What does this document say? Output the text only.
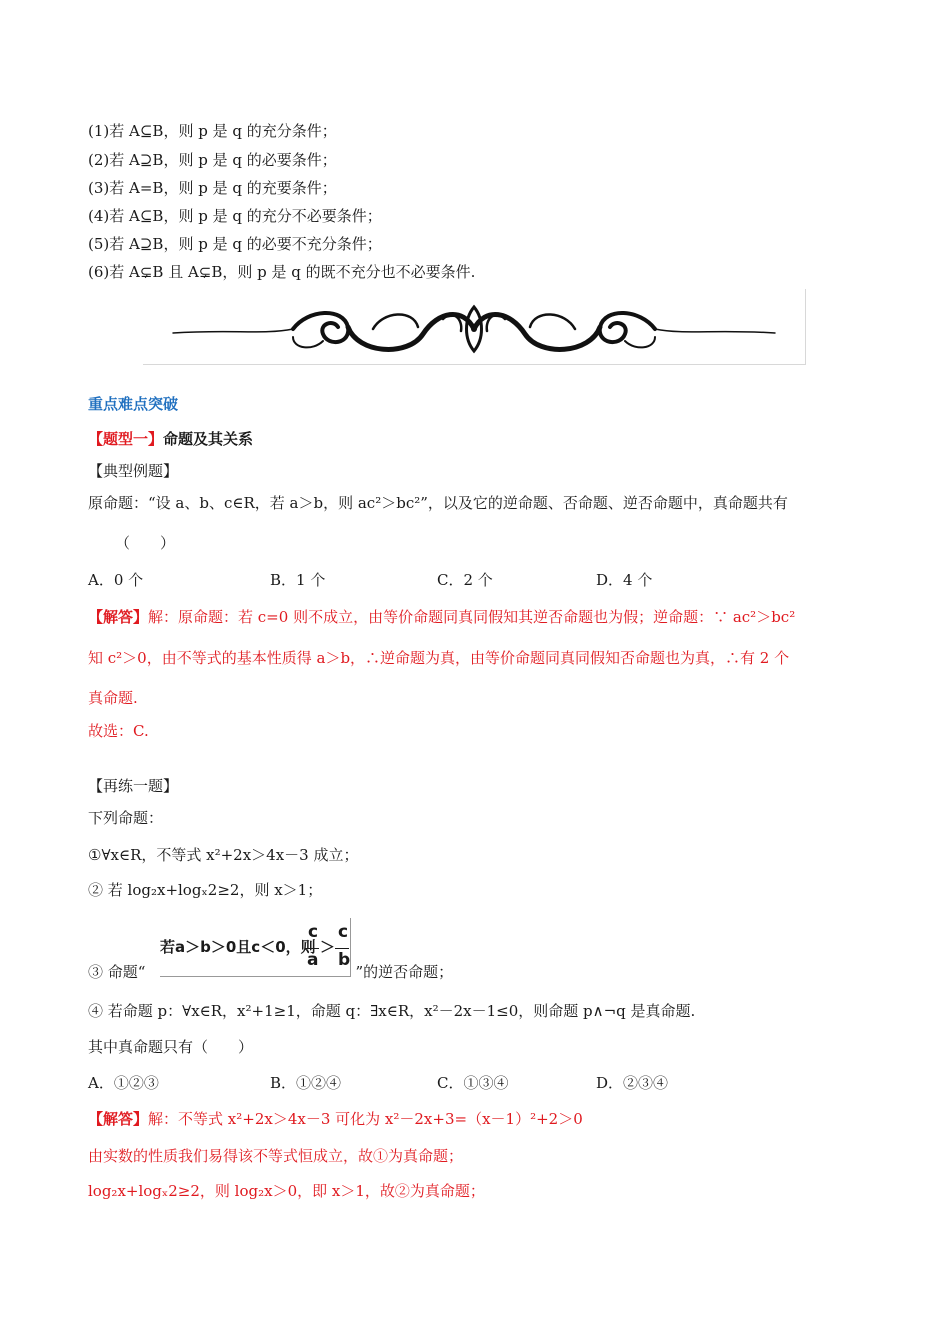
(1)若 A⊆B，则 p 是 q 的充分条件；
(2)若 A⊇B，则 p 是 q 的必要条件；
(3)若 A=B，则 p 是 q 的充要条件；
(4)若 A⊆B，则 p 是 q 的充分不必要条件；
(5)若 A⊇B，则 p 是 q 的必要不充分条件；
(6)若 A⊊B 且 A⊊B，则 p 是 q 的既不充分也不必要条件.
重点难点突破
【题型一】命题及其关系
【典型例题】
原命题：“设 a、b、c∈R，若 a＞b，则 ac²＞bc²”，以及它的逆命题、否命题、逆否命题中，真命题共有
（　　）
A．0 个	B．1 个	C．2 个	D．4 个
【解答】解：原命题：若 c=0 则不成立，由等价命题同真同假知其逆否命题也为假；逆命题：∵ ac²＞bc²
知 c²＞0，由不等式的基本性质得 a＞b，∴逆命题为真，由等价命题同真同假知否命题也为真，∴有 2 个
真命题.
故选：C.
【再练一题】
下列命题：
①∀x∈R，不等式 x²+2x＞4x－3 成立；
② 若 log₂x+logₓ2≥2，则 x＞1；
若a＞b＞0且c＜0，则
c
a
＞
c
b
③ 命题“	”的逆否命题；
④ 若命题 p：∀x∈R，x²+1≥1，命题 q：∃x∈R，x²－2x－1≤0，则命题 p∧¬q 是真命题.
其中真命题只有（　　）
A．①②③	B．①②④	C．①③④	D．②③④
【解答】解：不等式 x²+2x＞4x－3 可化为 x²－2x+3=（x－1）²+2＞0
由实数的性质我们易得该不等式恒成立，故①为真命题；
log₂x+logₓ2≥2，则 log₂x＞0，即 x＞1，故②为真命题；
